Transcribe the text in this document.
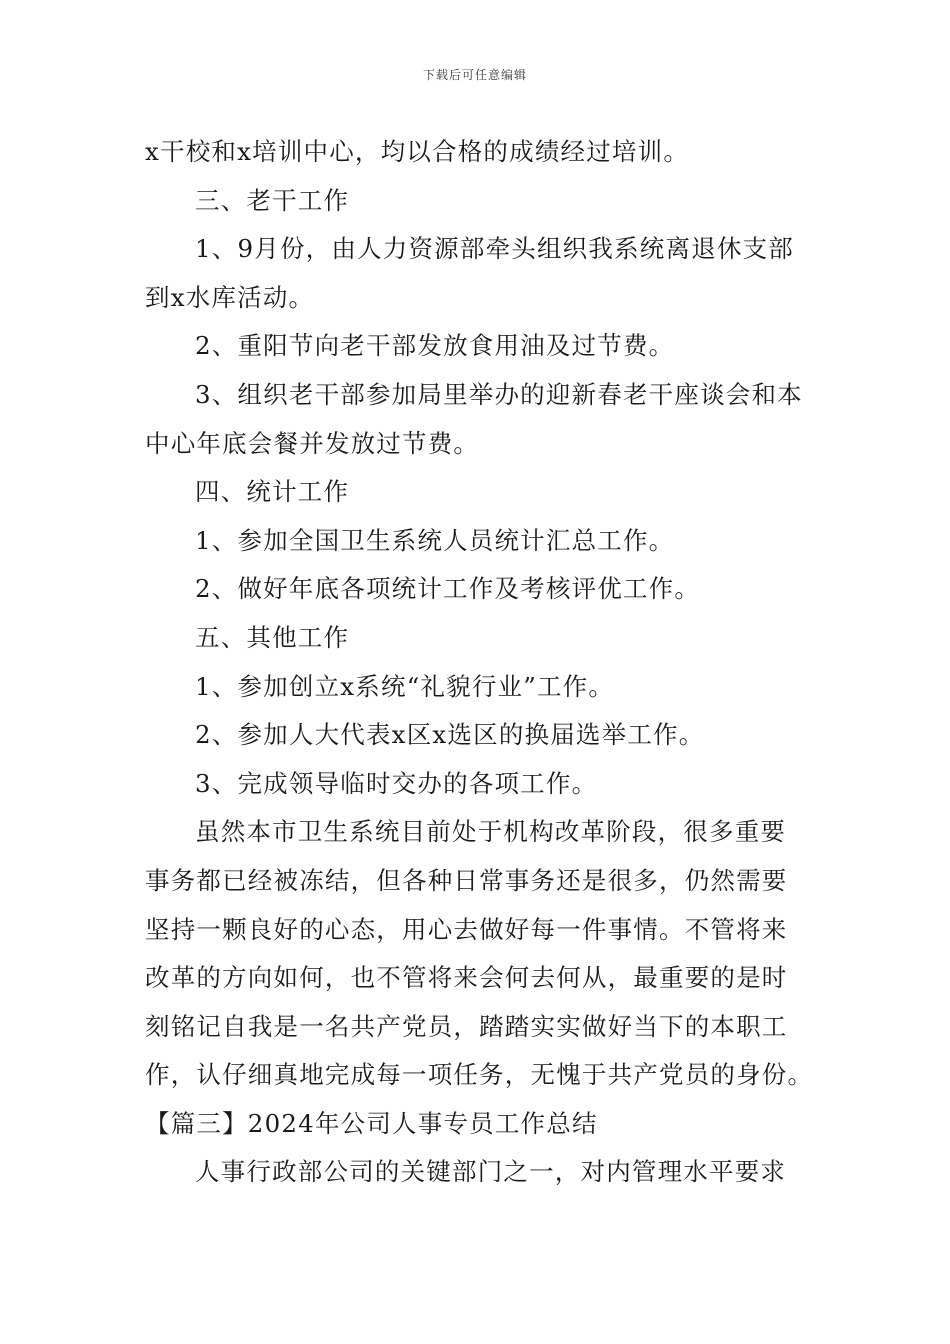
下载后可任意编辑

x干校和x培训中心，均以合格的成绩经过培训。

三、老干工作

1、9月份，由人力资源部牵头组织我系统离退休支部

到x水库活动。

2、重阳节向老干部发放食用油及过节费。

3、组织老干部参加局里举办的迎新春老干座谈会和本

中心年底会餐并发放过节费。

四、统计工作

1、参加全国卫生系统人员统计汇总工作。

2、做好年底各项统计工作及考核评优工作。

五、其他工作

1、参加创立x系统“礼貌行业”工作。

2、参加人大代表x区x选区的换届选举工作。

3、完成领导临时交办的各项工作。

虽然本市卫生系统目前处于机构改革阶段，很多重要

事务都已经被冻结，但各种日常事务还是很多，仍然需要

坚持一颗良好的心态，用心去做好每一件事情。不管将来

改革的方向如何，也不管将来会何去何从，最重要的是时

刻铭记自我是一名共产党员，踏踏实实做好当下的本职工

作，认仔细真地完成每一项任务，无愧于共产党员的身份。

【篇三】2024年公司人事专员工作总结

人事行政部公司的关键部门之一，对内管理水平要求
